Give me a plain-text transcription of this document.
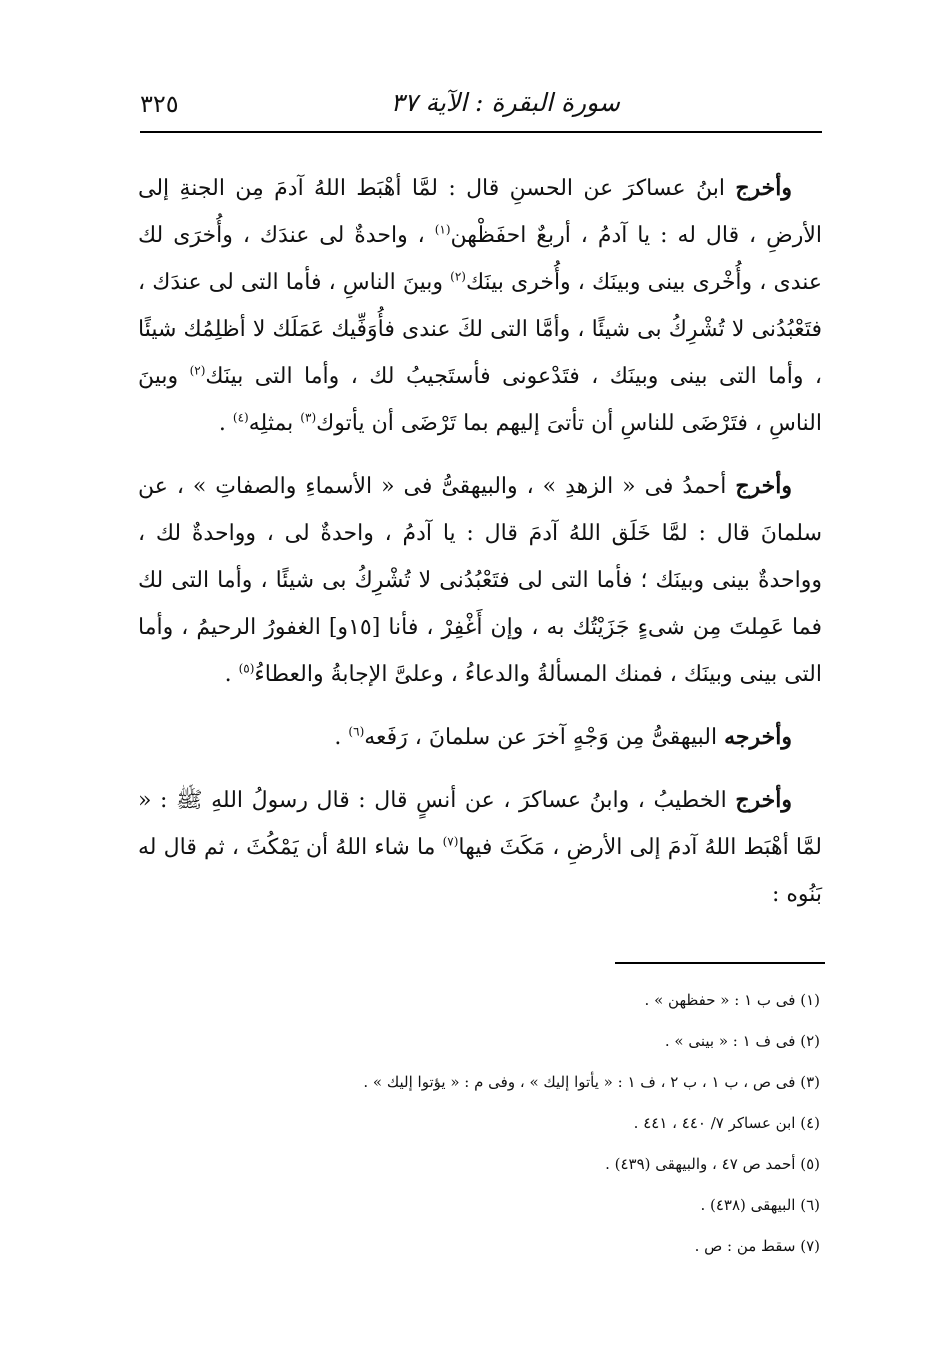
سورة البقرة : الآية ٣٧
٣٢٥

وأخرج ابنُ عساكرَ عن الحسنِ قال : لمَّا أهْبَط اللهُ آدمَ مِن الجنةِ إلى الأرضِ ، قال له : يا آدمُ ، أربعٌ احفَظْهن$^{(١)}$ ، واحدةٌ لى عندَك ، وأُخرَى لك عندى ، وأُخْرى بينى وبينَك ، وأُخرى بينَك$^{(٢)}$ وبينَ الناسِ ، فأما التى لى عندَك ، فتَعْبُدُنى لا تُشْرِكُ بى شيئًا ، وأمَّا التى لكَ عندى فأُوَفِّيك عَمَلَك لا أظلِمُك شيئًا ، وأما التى بينى وبينَك ، فتَدْعونى فأستَجيبُ لك ، وأما التى بينَك$^{(٢)}$ وبينَ الناسِ ، فتَرْضَى للناسِ أن تأتىَ إليهم بما تَرْضَى أن يأتوك$^{(٣)}$ بمثلِه$^{(٤)}$ .

وأخرج أحمدُ فى « الزهدِ » ، والبيهقىُّ فى « الأسماءِ والصفاتِ » ، عن سلمانَ قال : لمَّا خَلَق اللهُ آدمَ قال : يا آدمُ ، واحدةٌ لى ، وواحدةٌ لك ، وواحدةٌ بينى وبينَك ؛ فأما التى لى فتَعْبُدُنى لا تُشْرِكُ بى شيئًا ، وأما التى لك فما عَمِلتَ مِن شىءٍ جَزَيْتُك به ، وإن أَغْفِرْ ، فأنا [١٥و] الغفورُ الرحيمُ ، وأما التى بينى وبينَك ، فمنك المسألةُ والدعاءُ ، وعلىَّ الإجابةُ والعطاءُ$^{(٥)}$ .

وأخرجه البيهقىُّ مِن وَجْهٍ آخرَ عن سلمانَ ، رَفَعه$^{(٦)}$ .

وأخرج الخطيبُ ، وابنُ عساكرَ ، عن أنسٍ قال : قال رسولُ اللهِ ﷺ : « لمَّا أهْبَط اللهُ آدمَ إلى الأرضِ ، مَكَثَ فيها$^{(٧)}$ ما شاء اللهُ أن يَمْكُثَ ، ثم قال له بَنُوه :

(١) فى ب ١ : « حفظهن » .
(٢) فى ف ١ : « بينى » .
(٣) فى ص ، ب ١ ، ب ٢ ، ف ١ : « يأتوا إليك » ، وفى م : « يؤتوا إليك » .
(٤) ابن عساكر ٧/ ٤٤٠ ، ٤٤١ .
(٥) أحمد ص ٤٧ ، والبيهقى (٤٣٩) .
(٦) البيهقى (٤٣٨) .
(٧) سقط من : ص .
